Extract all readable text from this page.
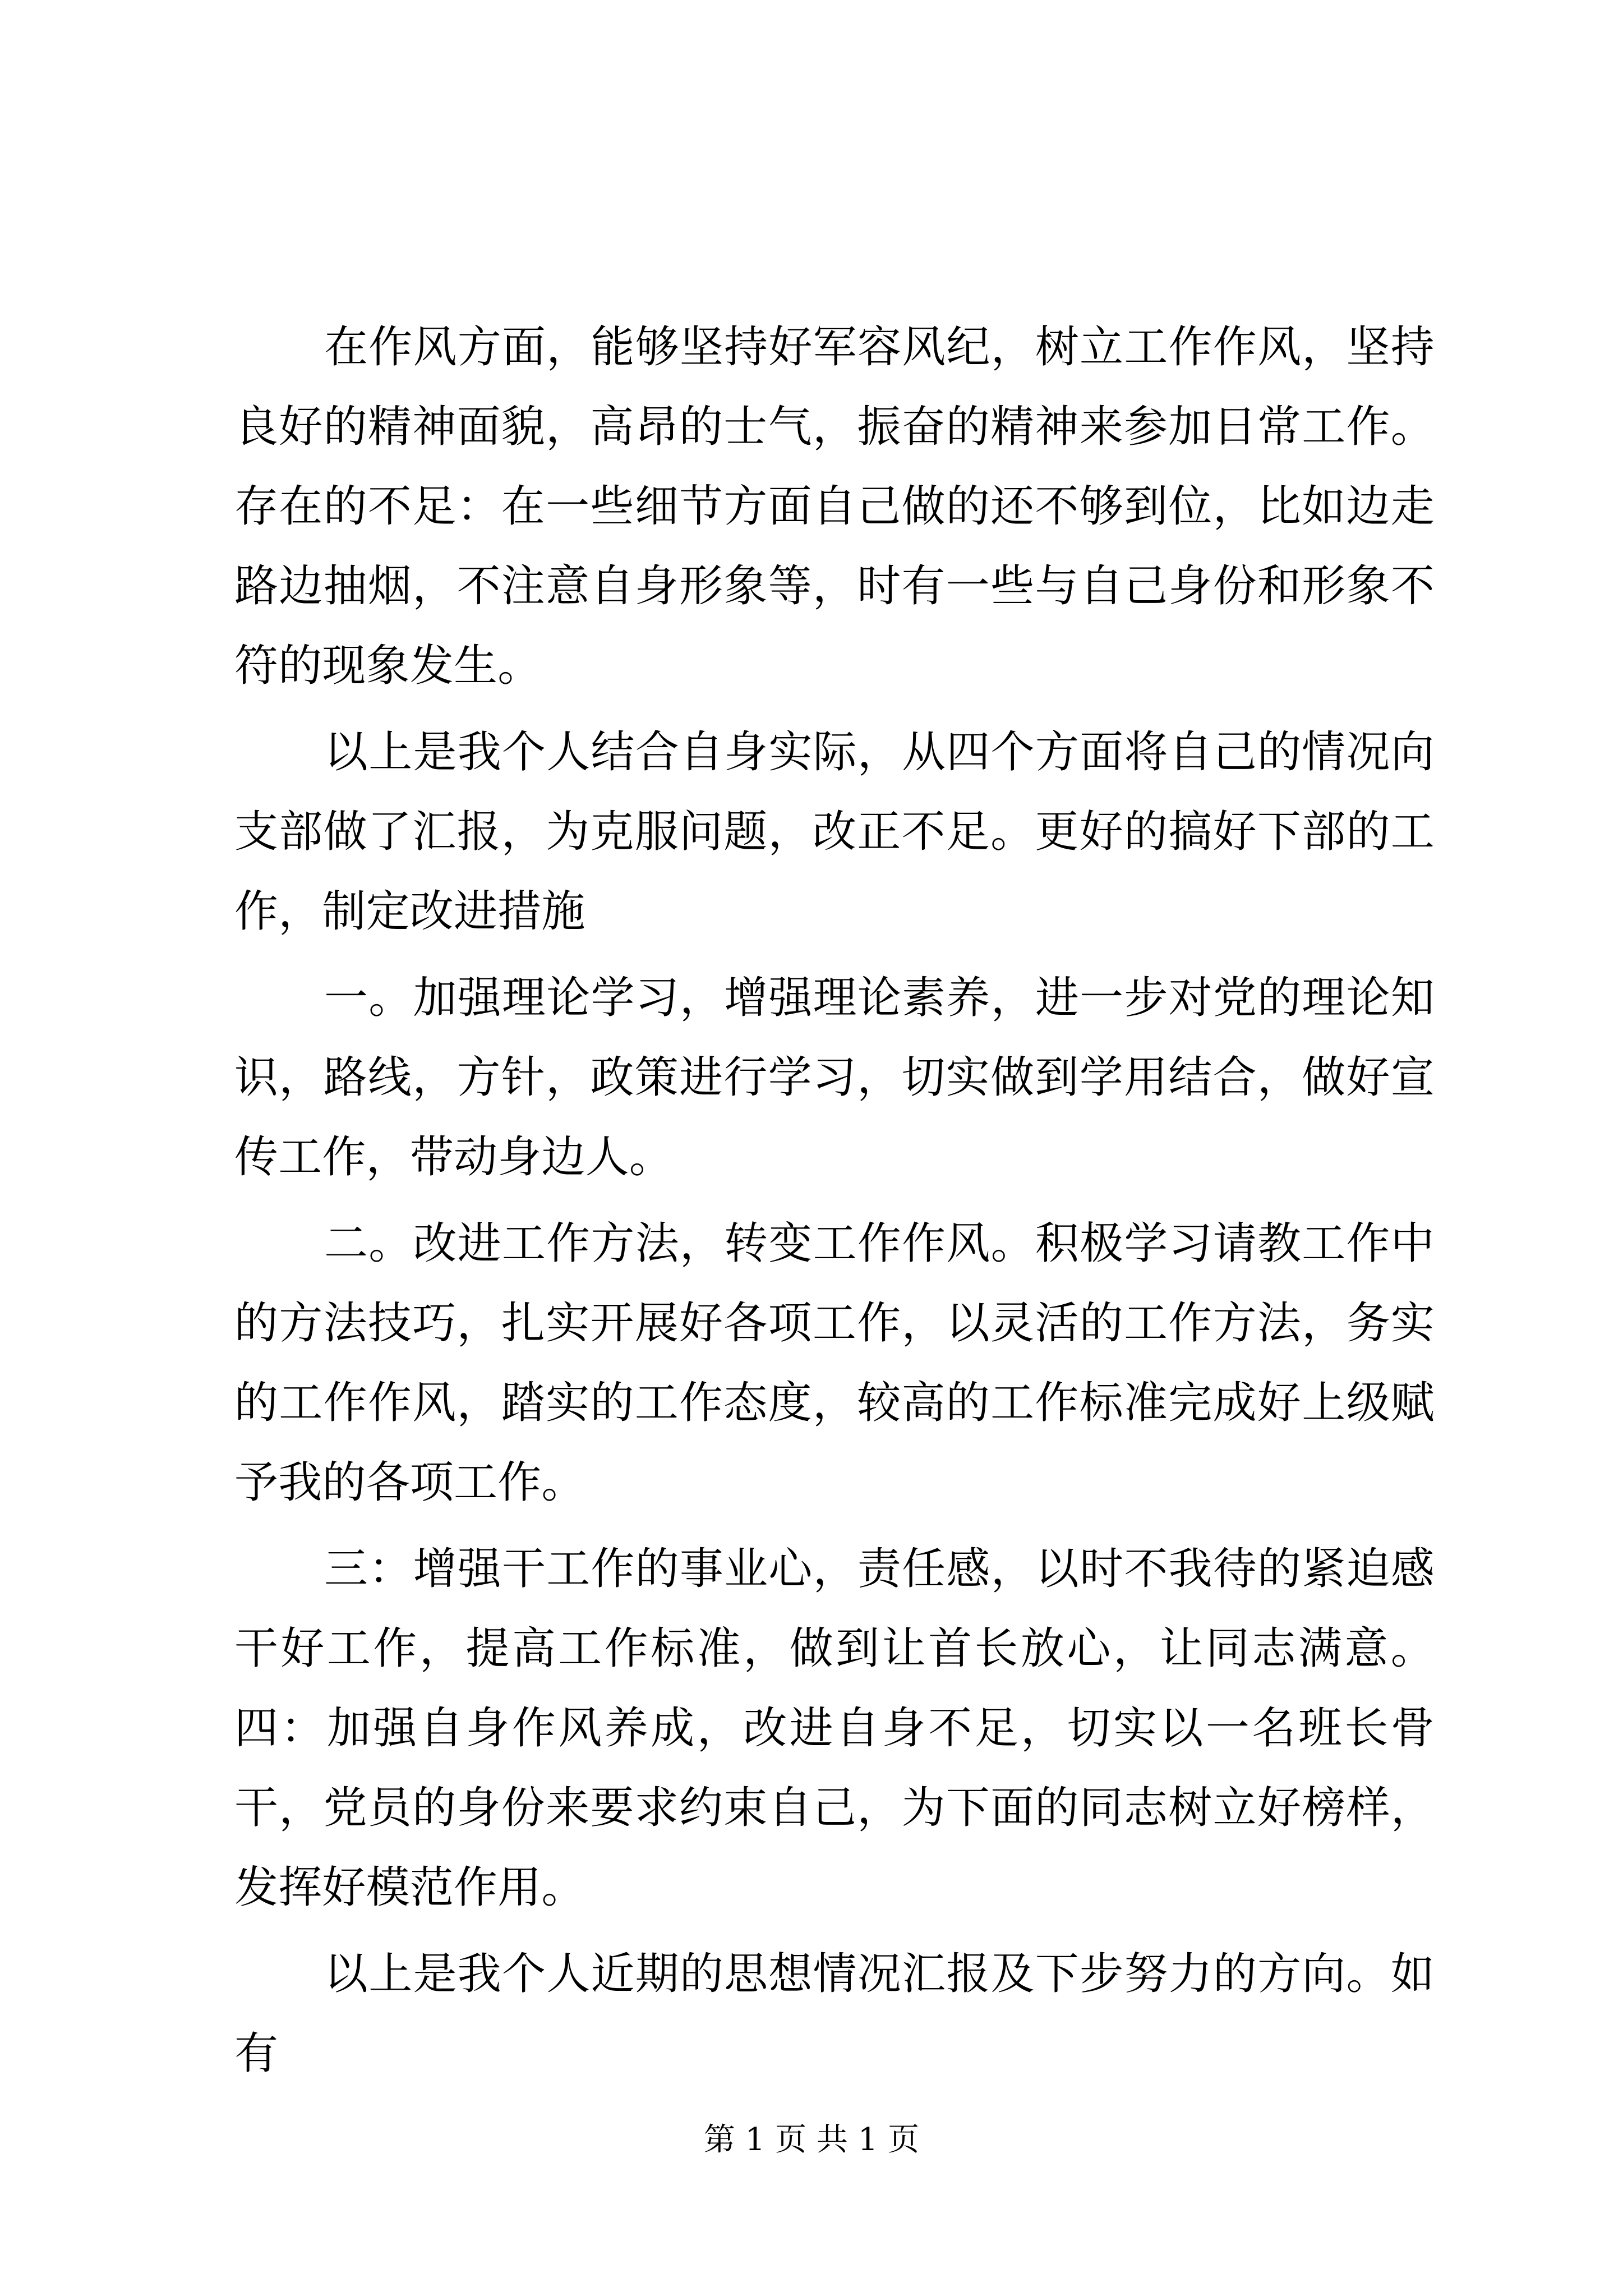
在作风方面，能够坚持好军容风纪，树立工作作风，坚持良好的精神面貌，高昂的士气，振奋的精神来参加日常工作。存在的不足：在一些细节方面自己做的还不够到位，比如边走路边抽烟，不注意自身形象等，时有一些与自己身份和形象不符的现象发生。

以上是我个人结合自身实际，从四个方面将自己的情况向支部做了汇报，为克服问题，改正不足。更好的搞好下部的工作，制定改进措施

一。加强理论学习，增强理论素养，进一步对党的理论知识，路线，方针，政策进行学习，切实做到学用结合，做好宣传工作，带动身边人。

二。改进工作方法，转变工作作风。积极学习请教工作中的方法技巧，扎实开展好各项工作，以灵活的工作方法，务实的工作作风，踏实的工作态度，较高的工作标准完成好上级赋予我的各项工作。

三：增强干工作的事业心，责任感，以时不我待的紧迫感干好工作，提高工作标准，做到让首长放心，让同志满意。四：加强自身作风养成，改进自身不足，切实以一名班长骨干，党员的身份来要求约束自己，为下面的同志树立好榜样，发挥好模范作用。

以上是我个人近期的思想情况汇报及下步努力的方向。如有

第 1 页 共 1 页
